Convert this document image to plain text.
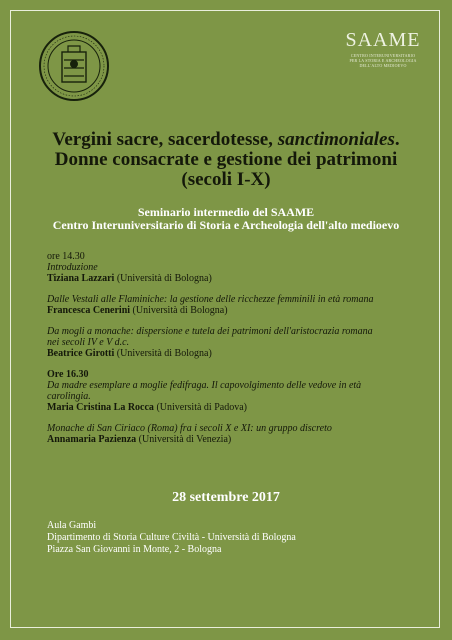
SAAME
CENTRO INTERUNIVERSITARIO
PER LA STORIA E ARCHEOLOGIA
DELL'ALTO MEDIOEVO
Vergini sacre, sacerdotesse, sanctimoniales.
Donne consacrate e gestione dei patrimoni
(secoli I-X)
Seminario intermedio del SAAME
Centro Interuniversitario di Storia e Archeologia dell'alto medioevo
ore 14.30
Introduzione
Tiziana Lazzari (Università di Bologna)
Dalle Vestali alle Flaminiche: la gestione delle ricchezze femminili in età romana
Francesca Cenerini (Università di Bologna)
Da mogli a monache: dispersione e tutela dei patrimoni dell'aristocrazia romana
nei secoli IV e V d.c.
Beatrice Girotti (Università di Bologna)
Ore 16.30
Da madre esemplare a moglie fedifraga. Il capovolgimento delle vedove in età
carolingia.
Maria Cristina La Rocca (Università di Padova)
Monache di San Ciriaco (Roma) fra i secoli X e XI: un gruppo discreto
Annamaria Pazienza (Università di Venezia)
28 settembre 2017
Aula Gambi
Dipartimento di Storia Culture Civiltà - Università di Bologna
Piazza San Giovanni in Monte, 2 - Bologna
